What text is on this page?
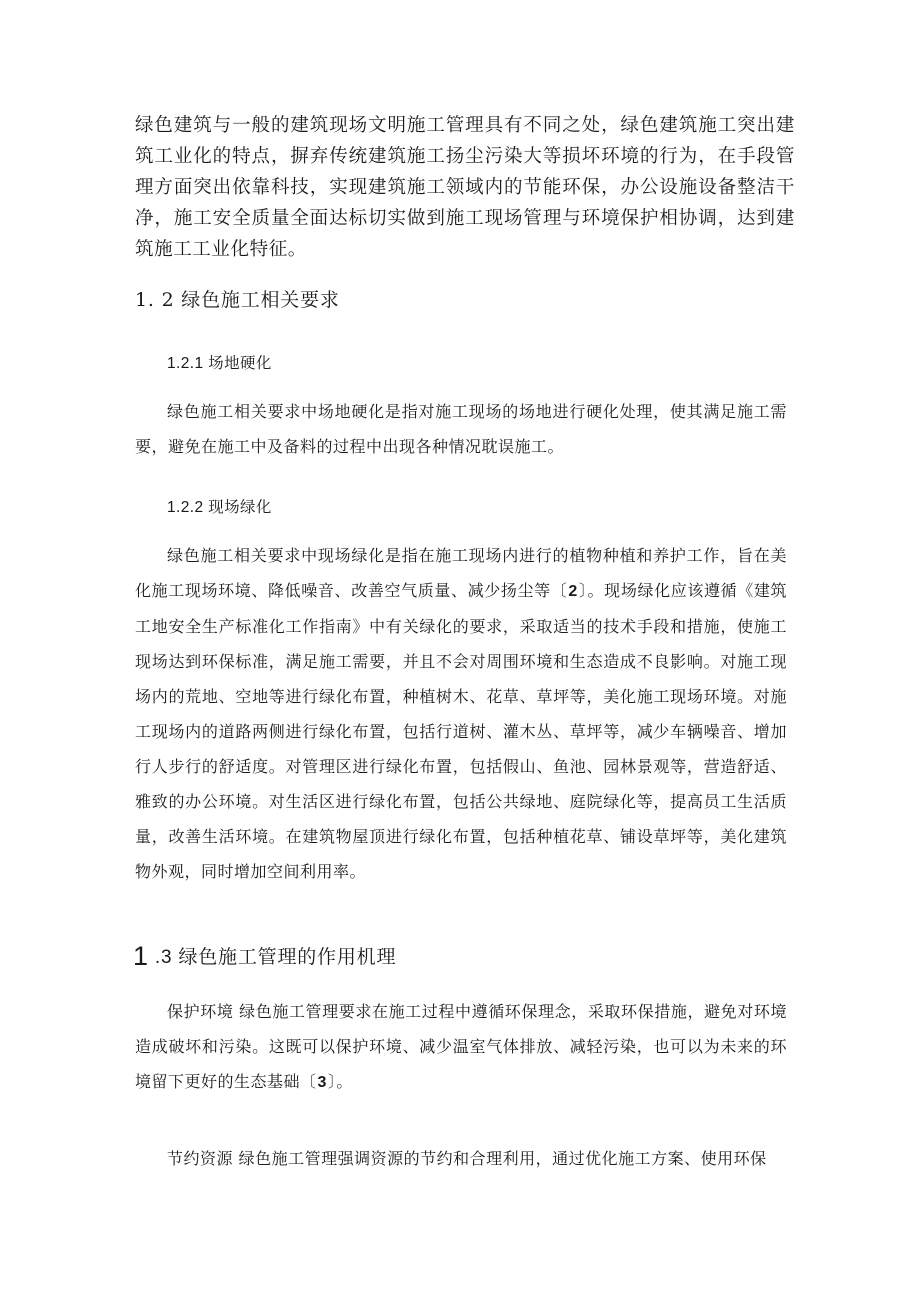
绿色建筑与一般的建筑现场文明施工管理具有不同之处，绿色建筑施工突出建筑工业化的特点，摒弃传统建筑施工扬尘污染大等损坏环境的行为，在手段管理方面突出依靠科技，实现建筑施工领域内的节能环保，办公设施设备整洁干净，施工安全质量全面达标切实做到施工现场管理与环境保护相协调，达到建筑施工工业化特征。

1. 2 绿色施工相关要求
1.2.1 场地硬化

绿色施工相关要求中场地硬化是指对施工现场的场地进行硬化处理，使其满足施工需要，避免在施工中及备料的过程中出现各种情况耽误施工。

1.2.2 现场绿化

绿色施工相关要求中现场绿化是指在施工现场内进行的植物种植和养护工作，旨在美化施工现场环境、降低噪音、改善空气质量、减少扬尘等〔2〕。现场绿化应该遵循《建筑工地安全生产标准化工作指南》中有关绿化的要求，采取适当的技术手段和措施，使施工现场达到环保标准，满足施工需要，并且不会对周围环境和生态造成不良影响。对施工现场内的荒地、空地等进行绿化布置，种植树木、花草、草坪等，美化施工现场环境。对施工现场内的道路两侧进行绿化布置，包括行道树、灌木丛、草坪等，减少车辆噪音、增加行人步行的舒适度。对管理区进行绿化布置，包括假山、鱼池、园林景观等，营造舒适、雅致的办公环境。对生活区进行绿化布置，包括公共绿地、庭院绿化等，提高员工生活质量，改善生活环境。在建筑物屋顶进行绿化布置，包括种植花草、铺设草坪等，美化建筑物外观，同时增加空间利用率。

1 .3 绿色施工管理的作用机理

保护环境 绿色施工管理要求在施工过程中遵循环保理念，采取环保措施，避免对环境造成破坏和污染。这既可以保护环境、减少温室气体排放、减轻污染，也可以为未来的环境留下更好的生态基础〔3〕。

节约资源 绿色施工管理强调资源的节约和合理利用，通过优化施工方案、使用环保
